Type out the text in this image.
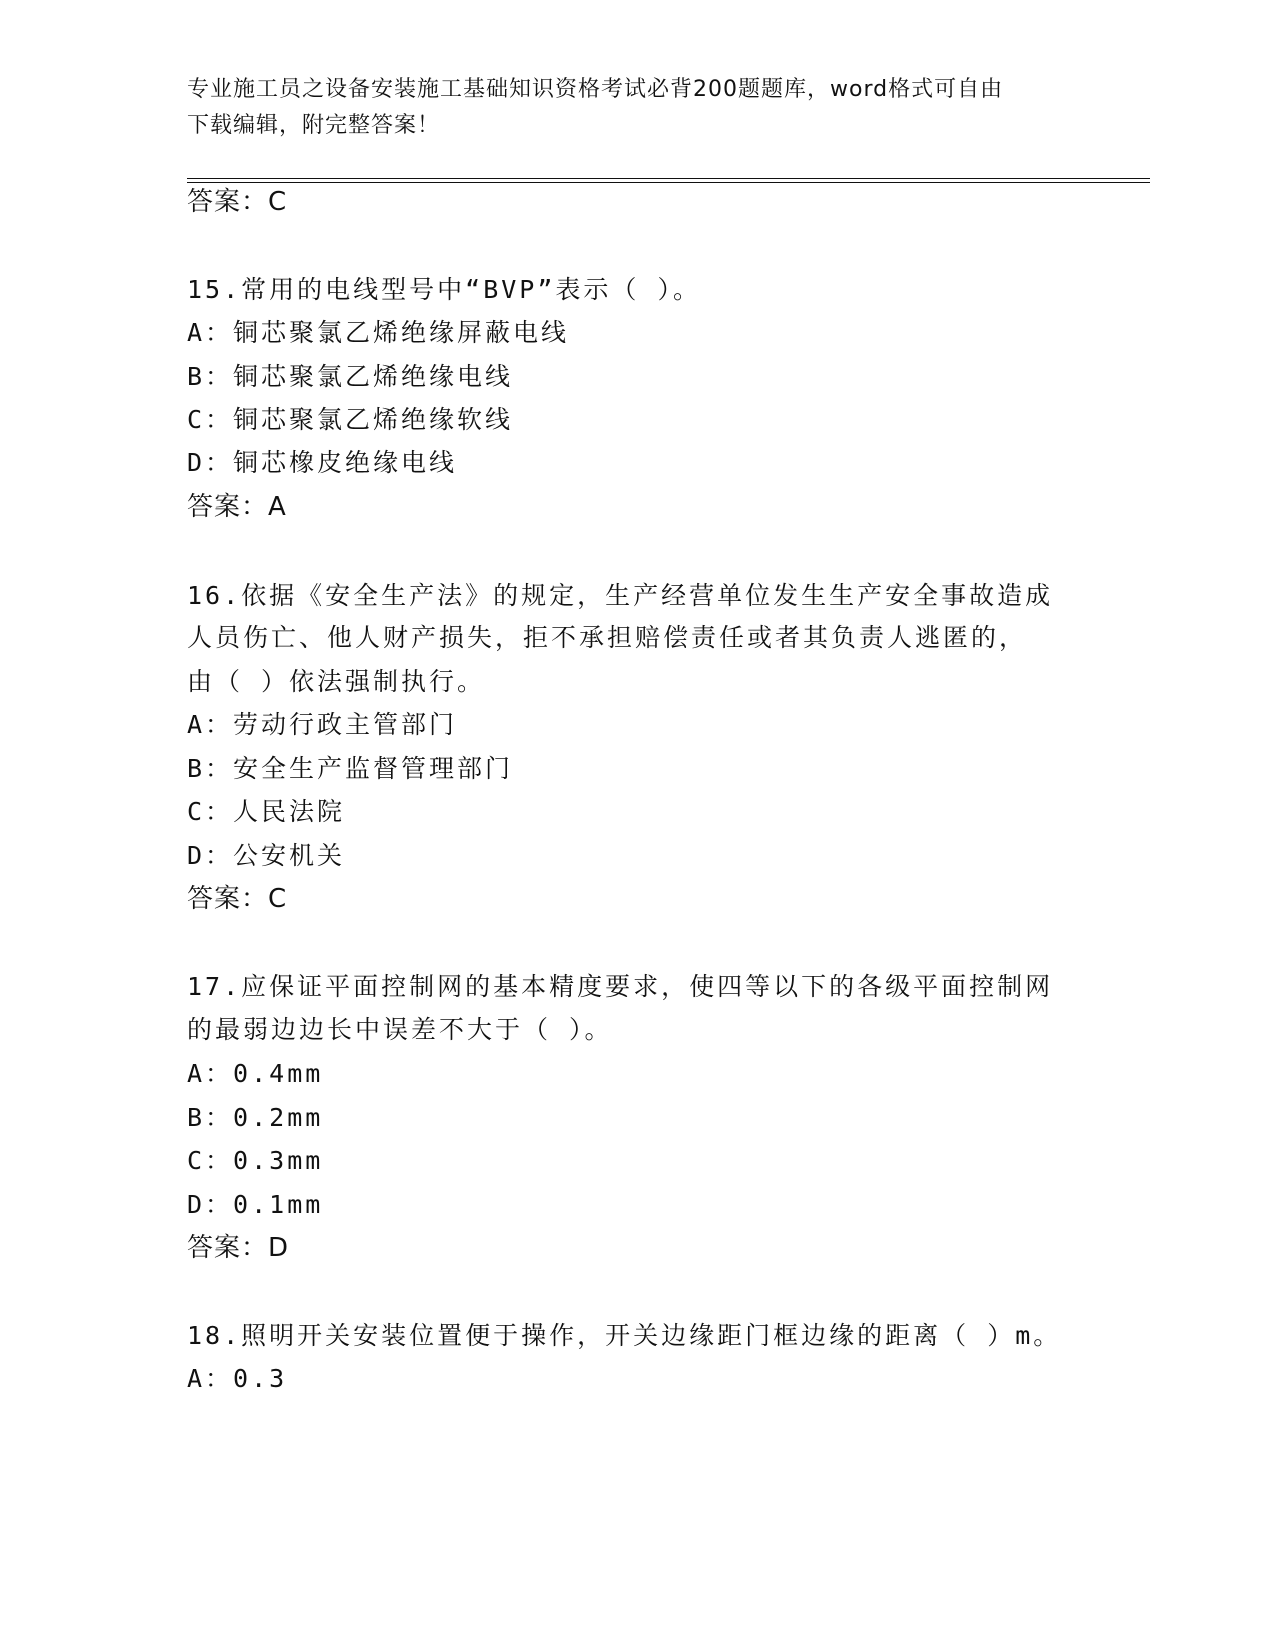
专业施工员之设备安装施工基础知识资格考试必背200题题库，word格式可自由
下载编辑，附完整答案！
答案：C
15.常用的电线型号中“BVP”表示（ ）。
A：铜芯聚氯乙烯绝缘屏蔽电线
B：铜芯聚氯乙烯绝缘电线
C：铜芯聚氯乙烯绝缘软线
D：铜芯橡皮绝缘电线
答案：A
16.依据《安全生产法》的规定，生产经营单位发生生产安全事故造成
人员伤亡、他人财产损失，拒不承担赔偿责任或者其负责人逃匿的，
由（ ）依法强制执行。
A：劳动行政主管部门
B：安全生产监督管理部门
C：人民法院
D：公安机关
答案：C
17.应保证平面控制网的基本精度要求，使四等以下的各级平面控制网
的最弱边边长中误差不大于（ ）。
A：0.4mm
B：0.2mm
C：0.3mm
D：0.1mm
答案：D
18.照明开关安装位置便于操作，开关边缘距门框边缘的距离（ ）m。
A：0.3
